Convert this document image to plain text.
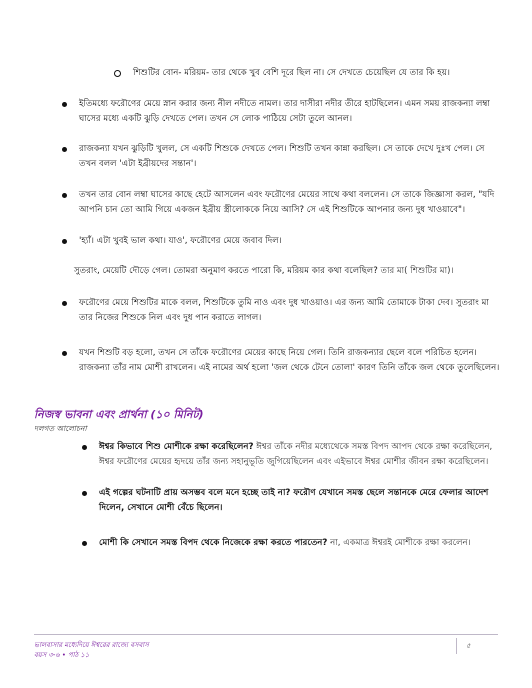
শিশুটির বোন- মরিয়ম- তার থেকে খুব বেশি দূরে ছিল না। সে দেখতে চেয়েছিল যে তার কি হয়।
ইতিমধ্যে ফরৌণের মেয়ে স্নান করার জন্য নীল নদীতে নামল। তার দাসীরা নদীর তীরে হাটছিলেন। এমন সময় রাজকন্যা লম্বা ঘাসের মধ্যে একটি ঝুড়ি দেখতে পেল। তখন সে লোক পাঠিয়ে সেটা তুলে আনল।
রাজকন্যা যখন ঝুড়িটি খুলল, সে একটি শিশুকে দেখতে পেল। শিশুটি তখন কান্না করছিল। সে তাকে দেখে দুঃখ পেল। সে তখন বলল 'এটা ইব্রীয়দের সন্তান'।
তখন তার বোন লম্বা ঘাসের কাছে হেটে আসলেন এবং ফরৌণের মেয়ের সাথে কথা বললেন। সে তাকে জিজ্ঞাসা করল, "যদি আপনি চান তো আমি গিয়ে একজন ইব্রীয় স্ত্রীলোককে নিয়ে আসি? সে এই শিশুটিকে আপনার জন্য দুধ খাওয়াবে"।
'হ্যাঁ। এটা খুবই ভাল কথা। যাও', ফরৌণের মেয়ে জবাব দিল।
সুতরাং, মেয়েটি দৌড়ে গেল। তোমরা অনুমাণ করতে পারো কি, মরিয়ম কার কথা বলেছিল? তার মা( শিশুটির মা)।
ফরৌণের মেয়ে শিশুটির মাকে বলল, শিশুটিকে তুমি নাও এবং দুধ খাওয়াও। এর জন্য আমি তোমাকে টাকা দেব। সুতরাং মা তার নিজের শিশুকে নিল এবং দুধ পান করাতে লাগল।
যখন শিশুটি বড় হলো, তখন সে তাঁকে ফরৌণের মেয়ের কাছে নিয়ে গেল। তিনি রাজকন্যার ছেলে বলে পরিচিত হলেন। রাজকন্যা তাঁর নাম মোশী রাখলেন। এই নামের অর্থ হলো 'জল থেকে টেনে তোলা' কারণ তিনি তাঁকে জল থেকে তুলেছিলেন।
নিজস্ব ভাবনা এবং প্রার্থনা (১০ মিনিট)
দলগত আলোচনা
ঈশ্বর কিভাবে শিশু মোশীকে রক্ষা করেছিলেন? ঈশ্বর তাঁকে নদীর মধ্যেথেকে সমস্ত বিপদ আপদ থেকে রক্ষা করেছিলেন, ঈশ্বর ফরৌণের মেয়ের হৃদয়ে তাঁর জন্য সহানুভূতি জুগিয়েছিলেন এবং এইভাবে ঈশ্বর মোশীর জীবন রক্ষা করেছিলেন।
এই গল্পের ঘটনাটি প্রায় অসম্ভব বলে মনে হচ্ছে তাই না? ফরৌণ যেখানে সমস্ত ছেলে সন্তানকে মেরে ফেলার আদেশ দিলেন, সেখানে মোশী বেঁচে ছিলেন।
মোশী কি সেখানে সমস্ত বিপদ থেকে নিজেকে রক্ষা করতে পারতেন? না, একমাত্র ঈশ্বরই মোশীকে রক্ষা করলেন।
ভালবাসার মধ্যেদিয়ে ঈশ্বরের রাজ্যে বসবাস
বয়স ৩-৬ • পাঠ ১১
৫
